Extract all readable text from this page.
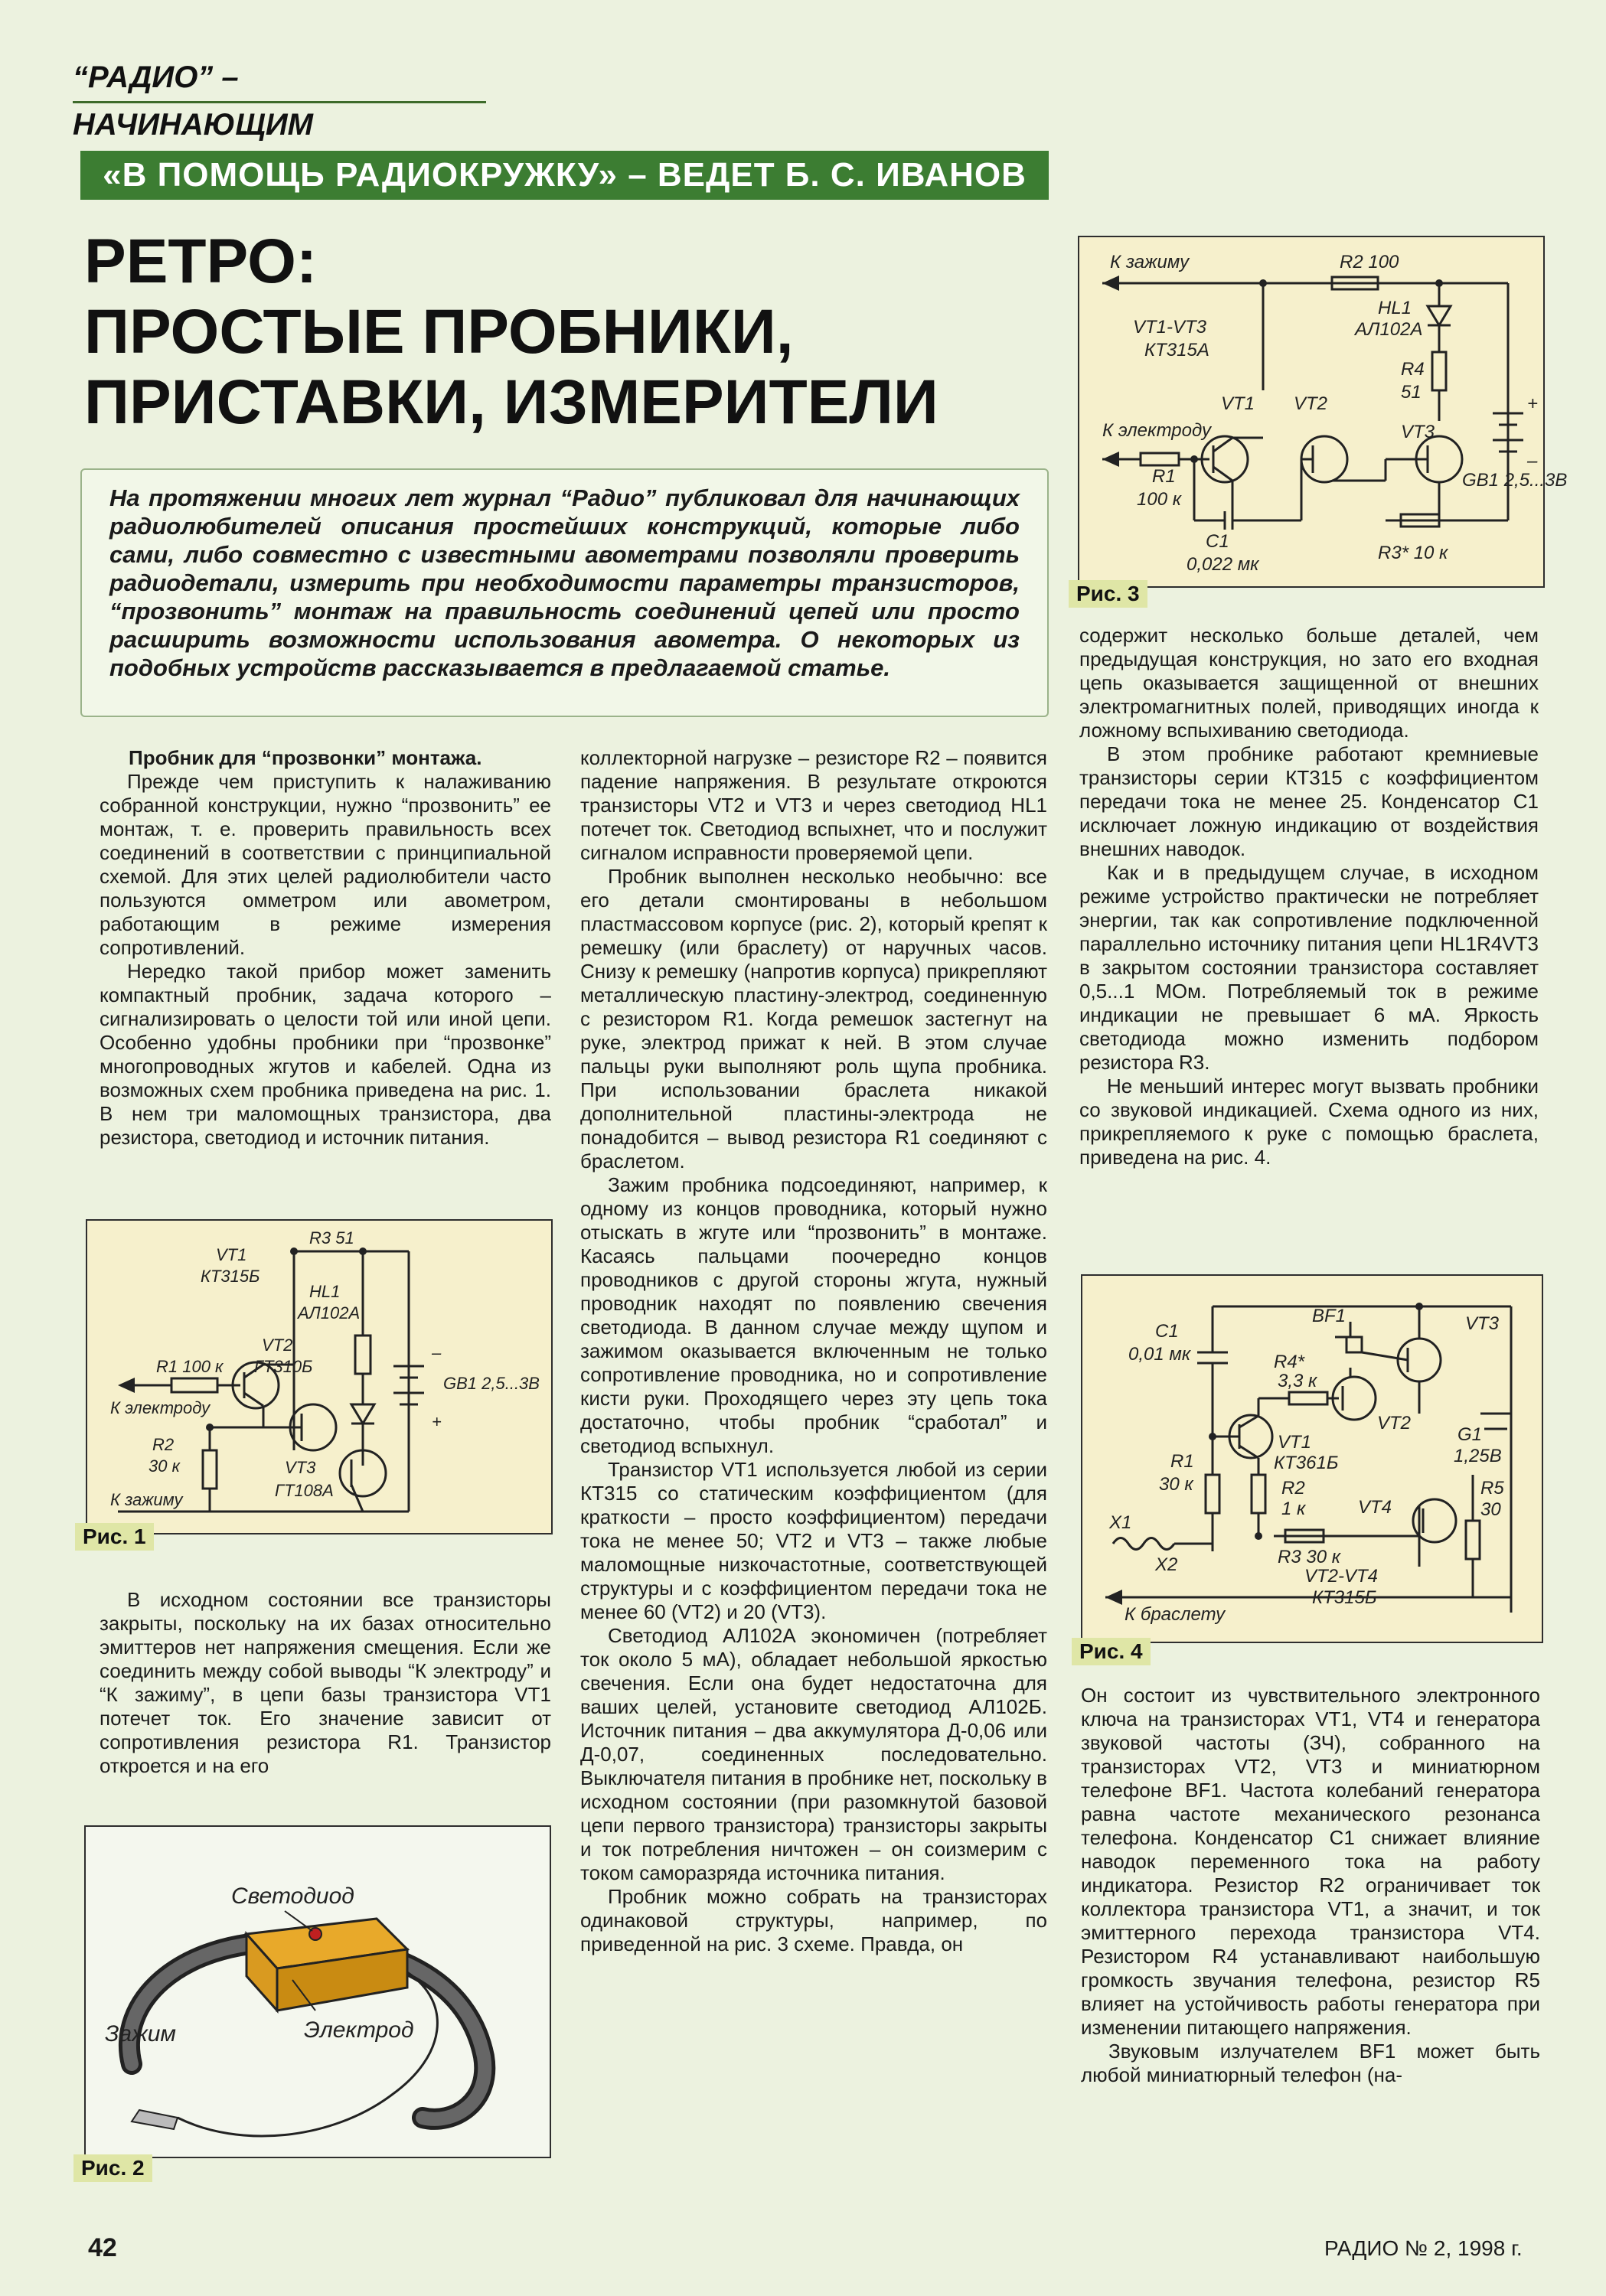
“РАДИО” – НАЧИНАЮЩИМ
«В ПОМОЩЬ РАДИОКРУЖКУ» – ВЕДЕТ Б. С. ИВАНОВ
РЕТРО:
ПРОСТЫЕ ПРОБНИКИ,
ПРИСТАВКИ, ИЗМЕРИТЕЛИ
На протяжении многих лет журнал “Радио” публиковал для начинающих радиолюбителей описания простейших конструкций, которые либо сами, либо совместно с известными авометрами позволяли проверить радиодетали, измерить при необходимости параметры транзисторов, “прозвонить” монтаж на правильность соединений цепей или просто расширить возможности использования авометра. О некоторых из подобных устройств рассказывается в предлагаемой статье.

Пробник для “прозвонки” монтажа.

Прежде чем приступить к налаживанию собранной конструкции, нужно “прозвонить” ее монтаж, т. е. проверить правильность всех соединений в соответствии с принципиальной схемой. Для этих целей радиолюбители часто пользуются омметром или авометром, работающим в режиме измерения сопротивлений.

Нередко такой прибор может заменить компактный пробник, задача которого – сигнализировать о целости той или иной цепи. Особенно удобны пробники при “прозвонке” многопроводных жгутов и кабелей. Одна из возможных схем пробника приведена на рис. 1. В нем три маломощных транзистора, два резистора, светодиод и источник питания.

VT1
КТ315Б
VT2
ГТ310Б
VT3
ГТ108А
R1 100 к
R2
30 к
R3 51
HL1
АЛ102А
GB1 2,5...3В
–
+
К электроду
К зажиму
Рис. 1

В исходном состоянии все транзисторы закрыты, поскольку на их базах относительно эмиттеров нет напряжения смещения. Если же соединить между собой выводы “К электроду” и “К зажиму”, в цепи базы транзистора VT1 потечет ток. Его значение зависит от сопротивления резистора R1. Транзистор откроется и на его

Светодиод
Электрод
Зажим
Рис. 2

коллекторной нагрузке – резисторе R2 – появится падение напряжения. В результате откроются транзисторы VT2 и VT3 и через светодиод HL1 потечет ток. Светодиод вспыхнет, что и послужит сигналом исправности проверяемой цепи.

Пробник выполнен несколько необычно: все его детали смонтированы в небольшом пластмассовом корпусе (рис. 2), который крепят к ремешку (или браслету) от наручных часов. Снизу к ремешку (напротив корпуса) прикрепляют металлическую пластину-электрод, соединенную с резистором R1. Когда ремешок застегнут на руке, электрод прижат к ней. В этом случае пальцы руки выполняют роль щупа пробника. При использовании браслета никакой дополнительной пластины-электрода не понадобится – вывод резистора R1 соединяют с браслетом.

Зажим пробника подсоединяют, например, к одному из концов проводника, который нужно отыскать в жгуте или “прозвонить” в монтаже. Касаясь пальцами поочередно концов проводников с другой стороны жгута, нужный проводник находят по появлению свечения светодиода. В данном случае между щупом и зажимом оказывается включенным не только сопротивление проводника, но и сопротивление кисти руки. Проходящего через эту цепь тока достаточно, чтобы пробник “сработал” и светодиод вспыхнул.

Транзистор VT1 используется любой из серии КТ315 со статическим коэффициентом (для краткости – просто коэффициентом) передачи тока не менее 50; VT2 и VT3 – также любые маломощные низкочастотные, соответствующей структуры и с коэффициентом передачи тока не менее 60 (VT2) и 20 (VT3).

Светодиод АЛ102А экономичен (потребляет ток около 5 мА), обладает небольшой яркостью свечения. Если она будет недостаточна для ваших целей, установите светодиод АЛ102Б. Источник питания – два аккумулятора Д-0,06 или Д-0,07, соединенных последовательно. Выключателя питания в пробнике нет, поскольку в исходном состоянии (при разомкнутой базовой цепи первого транзистора) транзисторы закрыты и ток потребления ничтожен – он соизмерим с током саморазряда источника питания.

Пробник можно собрать на транзисторах одинаковой структуры, например, по приведенной на рис. 3 схеме. Правда, он

К зажиму
VT1-VT3
КТ315А
К электроду
VT1 VT2
VT3
R1
100 к
R2 100
R3* 10 к
R4
51
C1
0,022 мк
HL1
АЛ102А
GB1 2,5...3В
+
–
Рис. 3

содержит несколько больше деталей, чем предыдущая конструкция, но зато его входная цепь оказывается защищенной от внешних электромагнитных полей, приводящих иногда к ложному вспыхиванию светодиода.

В этом пробнике работают кремниевые транзисторы серии КТ315 с коэффициентом передачи тока не менее 25. Конденсатор С1 исключает ложную индикацию от воздействия внешних наводок.

Как и в предыдущем случае, в исходном режиме устройство практически не потребляет энергии, так как сопротивление подключенной параллельно источнику питания цепи HL1R4VT3 в закрытом состоянии транзистора составляет 0,5...1 МОм. Потребляемый ток в режиме индикации не превышает 6 мА. Яркость светодиода можно изменить подбором резистора R3.

Не меньший интерес могут вызвать пробники со звуковой индикацией. Схема одного из них, прикрепляемого к руке с помощью браслета, приведена на рис. 4.

C1
0,01 мк	R4*
3,3 к
BF1
VT1
КТ361Б
VT2
VT3
VT4
G1
1,25В
R1
30 к	R2
1 к
R3 30 к
R5
30
VT2-VT4
КТ315Б
X1
X2
К браслету
Рис. 4

Он состоит из чувствительного электронного ключа на транзисторах VT1, VT4 и генератора звуковой частоты (ЗЧ), собранного на транзисторах VT2, VT3 и миниатюрном телефоне BF1. Частота колебаний генератора равна частоте механического резонанса телефона. Конденсатор С1 снижает влияние наводок переменного тока на работу индикатора. Резистор R2 ограничивает ток коллектора транзистора VT1, а значит, и ток эмиттерного перехода транзистора VT4. Резистором R4 устанавливают наибольшую громкость звучания телефона, резистор R5 влияет на устойчивость работы генератора при изменении питающего напряжения.

Звуковым излучателем BF1 может быть любой миниатюрный телефон (на-

42	РАДИО № 2, 1998 г.
